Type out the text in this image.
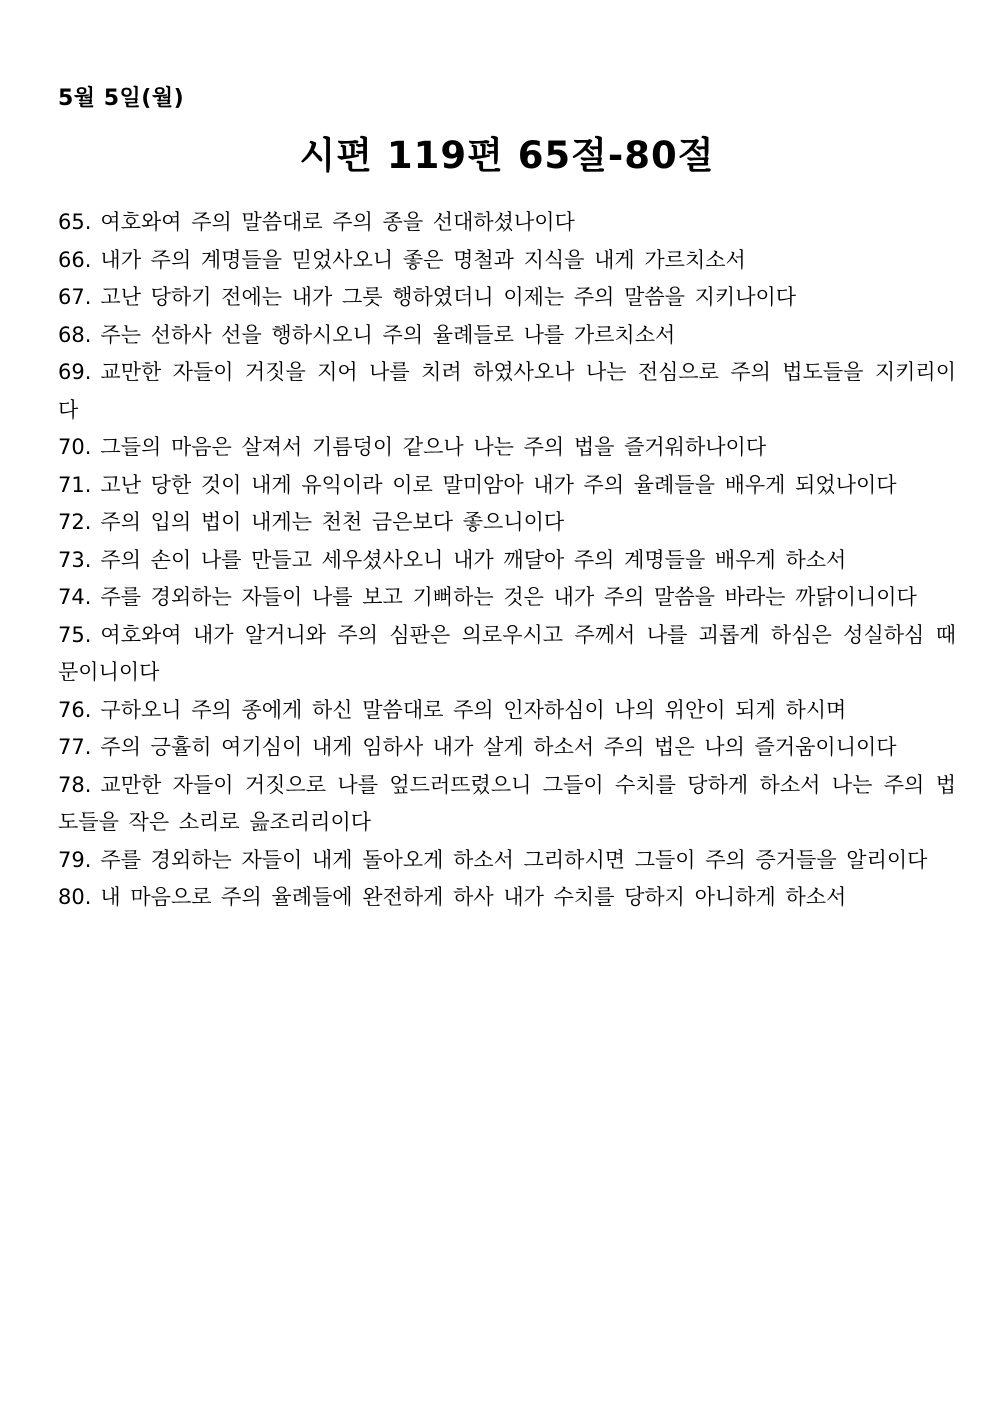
5월 5일(월)
시편 119편 65절-80절

65. 여호와여 주의 말씀대로 주의 종을 선대하셨나이다

66. 내가 주의 계명들을 믿었사오니 좋은 명철과 지식을 내게 가르치소서

67. 고난 당하기 전에는 내가 그릇 행하였더니 이제는 주의 말씀을 지키나이다

68. 주는 선하사 선을 행하시오니 주의 율례들로 나를 가르치소서

69. 교만한 자들이 거짓을 지어 나를 치려 하였사오나 나는 전심으로 주의 법도들을 지키리이다

70. 그들의 마음은 살져서 기름덩이 같으나 나는 주의 법을 즐거워하나이다

71. 고난 당한 것이 내게 유익이라 이로 말미암아 내가 주의 율례들을 배우게 되었나이다

72. 주의 입의 법이 내게는 천천 금은보다 좋으니이다

73. 주의 손이 나를 만들고 세우셨사오니 내가 깨달아 주의 계명들을 배우게 하소서

74. 주를 경외하는 자들이 나를 보고 기뻐하는 것은 내가 주의 말씀을 바라는 까닭이니이다

75. 여호와여 내가 알거니와 주의 심판은 의로우시고 주께서 나를 괴롭게 하심은 성실하심 때문이니이다

76. 구하오니 주의 종에게 하신 말씀대로 주의 인자하심이 나의 위안이 되게 하시며

77. 주의 긍휼히 여기심이 내게 임하사 내가 살게 하소서 주의 법은 나의 즐거움이니이다

78. 교만한 자들이 거짓으로 나를 엎드러뜨렸으니 그들이 수치를 당하게 하소서 나는 주의 법도들을 작은 소리로 읊조리리이다

79. 주를 경외하는 자들이 내게 돌아오게 하소서 그리하시면 그들이 주의 증거들을 알리이다

80. 내 마음으로 주의 율례들에 완전하게 하사 내가 수치를 당하지 아니하게 하소서
